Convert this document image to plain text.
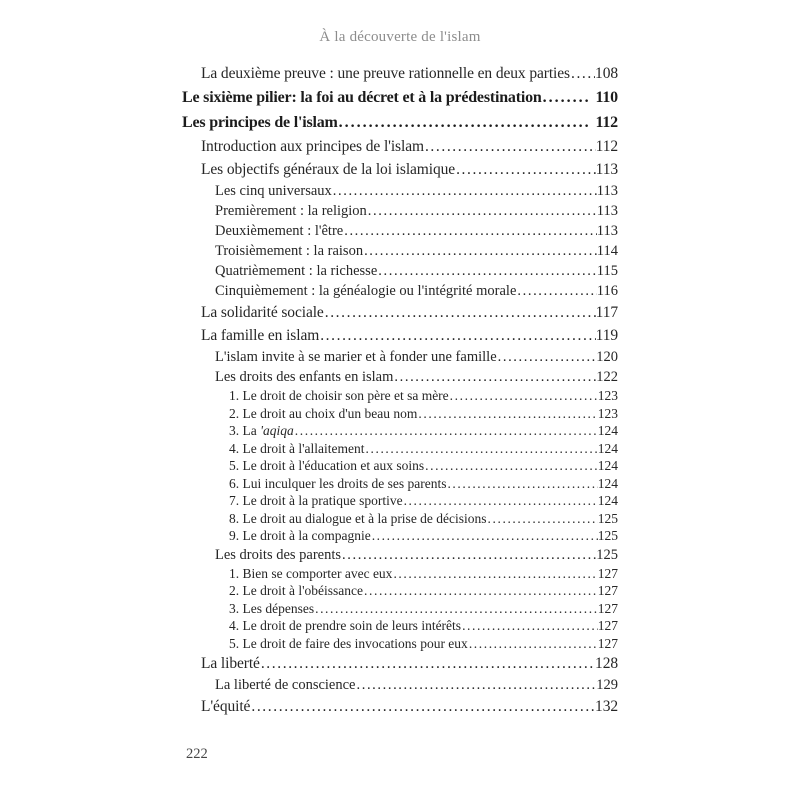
À la découverte de l'islam
La deuxième preuve : une preuve rationnelle en deux parties ..... 108
Le sixième pilier: la foi au décret et à la prédestination .....	110
Les principes de l'islam .....	112
Introduction aux principes de l'islam .....	112
Les objectifs généraux de la loi islamique .....	113
Les cinq universaux .....	113
Premièrement : la religion .....	113
Deuxièmement : l'être .....	113
Troisièmement : la raison .....	114
Quatrièmement : la richesse .....	115
Cinquièmement : la généalogie ou l'intégrité morale .....	116
La solidarité sociale .....	117
La famille en islam .....	119
L'islam invite à se marier et à fonder une famille .....	120
Les droits des enfants en islam .....	122
1. Le droit de choisir son père et sa mère .....	123
2. Le droit au choix d'un beau nom .....	123
3. La 'aqiqa .....	124
4. Le droit à l'allaitement .....	124
5. Le droit à l'éducation et aux soins .....	124
6. Lui inculquer les droits de ses parents .....	124
7. Le droit à la pratique sportive .....	124
8. Le droit au dialogue et à la prise de décisions .....	125
9. Le droit à la compagnie .....	125
Les droits des parents .....	125
1. Bien se comporter avec eux .....	127
2. Le droit à l'obéissance .....	127
3. Les dépenses .....	127
4. Le droit de prendre soin de leurs intérêts .....	127
5. Le droit de faire des invocations pour eux .....	127
La liberté .....	128
La liberté de conscience .....	129
L'équité .....	132
222
